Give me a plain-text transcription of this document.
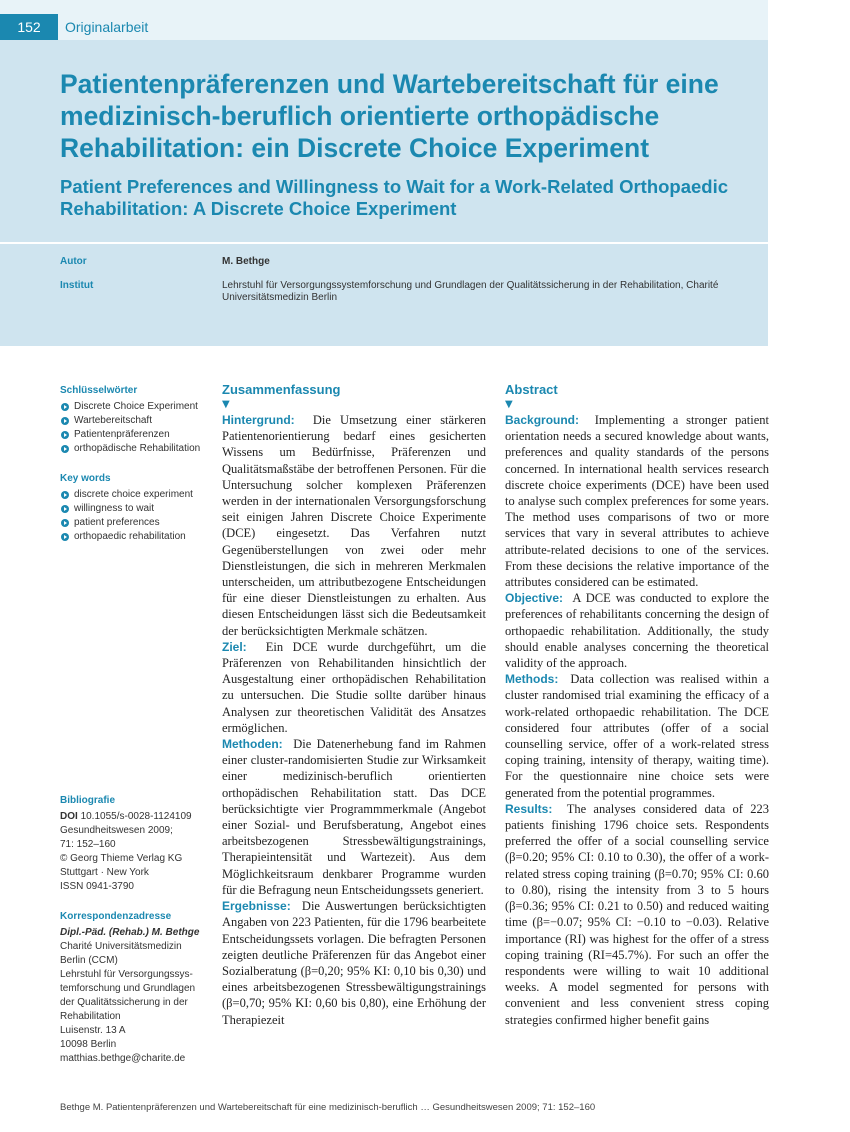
152	Originalarbeit
Patientenpräferenzen und Wartebereitschaft für eine medizinisch-beruflich orientierte orthopädische Rehabilitation: ein Discrete Choice Experiment
Patient Preferences and Willingness to Wait for a Work-Related Orthopaedic Rehabilitation: A Discrete Choice Experiment
Autor	M. Bethge
Institut	Lehrstuhl für Versorgungssystemforschung und Grundlagen der Qualitätssicherung in der Rehabilitation, Charité Universitätsmedizin Berlin
Schlüsselwörter
Discrete Choice Experiment
Wartebereitschaft
Patientenpräferenzen
orthopädische Rehabilitation
Key words
discrete choice experiment
willingness to wait
patient preferences
orthopaedic rehabilitation
Bibliografie
DOI 10.1055/s-0028-1124109
Gesundheitswesen 2009;
71: 152–160
© Georg Thieme Verlag KG
Stuttgart · New York
ISSN 0941-3790
Korrespondenzadresse
Dipl.-Päd. (Rehab.) M. Bethge
Charité Universitätsmedizin
Berlin (CCM)
Lehrstuhl für Versorgungssys-
temforschung und Grundlagen
der Qualitätssicherung in der
Rehabilitation
Luisenstr. 13 A
10098 Berlin
matthias.bethge@charite.de
Zusammenfassung
▼

Hintergrund: Die Umsetzung einer stärkeren Patientenorientierung bedarf eines gesicherten Wissens um Bedürfnisse, Präferenzen und Qualitätsmaßstäbe der betroffenen Personen. Für die Untersuchung solcher komplexen Präferenzen werden in der internationalen Versorgungsforschung seit einigen Jahren Discrete Choice Experimente (DCE) eingesetzt. Das Verfahren nutzt Gegenüberstellungen von zwei oder mehr Dienstleistungen, die sich in mehreren Merkmalen unterscheiden, um attributbezogene Entscheidungen für eine dieser Dienstleistungen zu erhalten. Aus diesen Entscheidungen lässt sich die Bedeutsamkeit der berücksichtigten Merkmale schätzen.

Ziel: Ein DCE wurde durchgeführt, um die Präferenzen von Rehabilitanden hinsichtlich der Ausgestaltung einer orthopädischen Rehabilitation zu untersuchen. Die Studie sollte darüber hinaus Analysen zur theoretischen Validität des Ansatzes ermöglichen.

Methoden: Die Datenerhebung fand im Rahmen einer cluster-randomisierten Studie zur Wirksamkeit einer medizinisch-beruflich orientierten orthopädischen Rehabilitation statt. Das DCE berücksichtigte vier Programmmerkmale (Angebot einer Sozial- und Berufsberatung, Angebot eines arbeitsbezogenen Stressbewältigungstrainings, Therapieintensität und Wartezeit). Aus dem Möglichkeitsraum denkbarer Programme wurden für die Befragung neun Entscheidungssets generiert.

Ergebnisse: Die Auswertungen berücksichtigten Angaben von 223 Patienten, für die 1796 bearbeitete Entscheidungssets vorlagen. Die befragten Personen zeigten deutliche Präferenzen für das Angebot einer Sozialberatung (β=0,20; 95% KI: 0,10 bis 0,30) und eines arbeitsbezogenen Stressbewältigungstrainings (β=0,70; 95% KI: 0,60 bis 0,80), eine Erhöhung der Therapiezeit

Abstract
▼

Background: Implementing a stronger patient orientation needs a secured knowledge about wants, preferences and quality standards of the persons concerned. In international health services research discrete choice experiments (DCE) have been used to analyse such complex preferences for some years. The method uses comparisons of two or more services that vary in several attributes to achieve attribute-related decisions to one of the services. From these decisions the relative importance of the attributes considered can be estimated.

Objective: A DCE was conducted to explore the preferences of rehabilitants concerning the design of orthopaedic rehabilitation. Additionally, the study should enable analyses concerning the theoretical validity of the approach.

Methods: Data collection was realised within a cluster randomised trial examining the efficacy of a work-related orthopaedic rehabilitation. The DCE considered four attributes (offer of a social counselling service, offer of a work-related stress coping training, intensity of therapy, waiting time). For the questionnaire nine choice sets were generated from the potential programmes.

Results: The analyses considered data of 223 patients finishing 1796 choice sets. Respondents preferred the offer of a social counselling service (β=0.20; 95% CI: 0.10 to 0.30), the offer of a work-related stress coping training (β=0.70; 95% CI: 0.60 to 0.80), rising the intensity from 3 to 5 hours (β=0.36; 95% CI: 0.21 to 0.50) and reduced waiting time (β=−0.07; 95% CI: −0.10 to −0.03). Relative importance (RI) was highest for the offer of a stress coping training (RI=45.7%). For such an offer the respondents were willing to wait 10 additional weeks. A model segmented for persons with convenient and less convenient stress coping strategies confirmed higher benefit gains

Bethge M. Patientenpräferenzen und Wartebereitschaft für eine medizinisch-beruflich … Gesundheitswesen 2009; 71: 152–160
